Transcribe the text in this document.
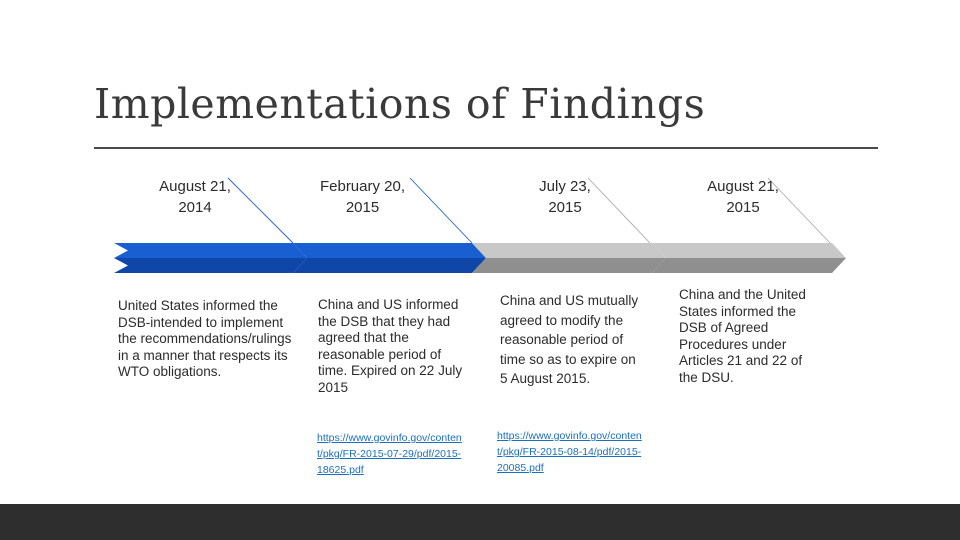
Implementations of Findings
August 21,
2014
United States informed the DSB-intended to implement the recommendations/rulings in a manner that respects its WTO obligations.
February 20,
2015
China and US informed the DSB that they had agreed that the reasonable period of time. Expired on 22 July 2015
https://www.govinfo.gov/content/pkg/FR-2015-07-29/pdf/2015-18625.pdf
July 23,
2015
China and US mutually agreed to modify the reasonable period of time so as to expire on 5 August 2015.
https://www.govinfo.gov/content/pkg/FR-2015-08-14/pdf/2015-20085.pdf
August 21,
2015
China and the United States informed the DSB of Agreed Procedures under Articles 21 and 22 of the DSU.
